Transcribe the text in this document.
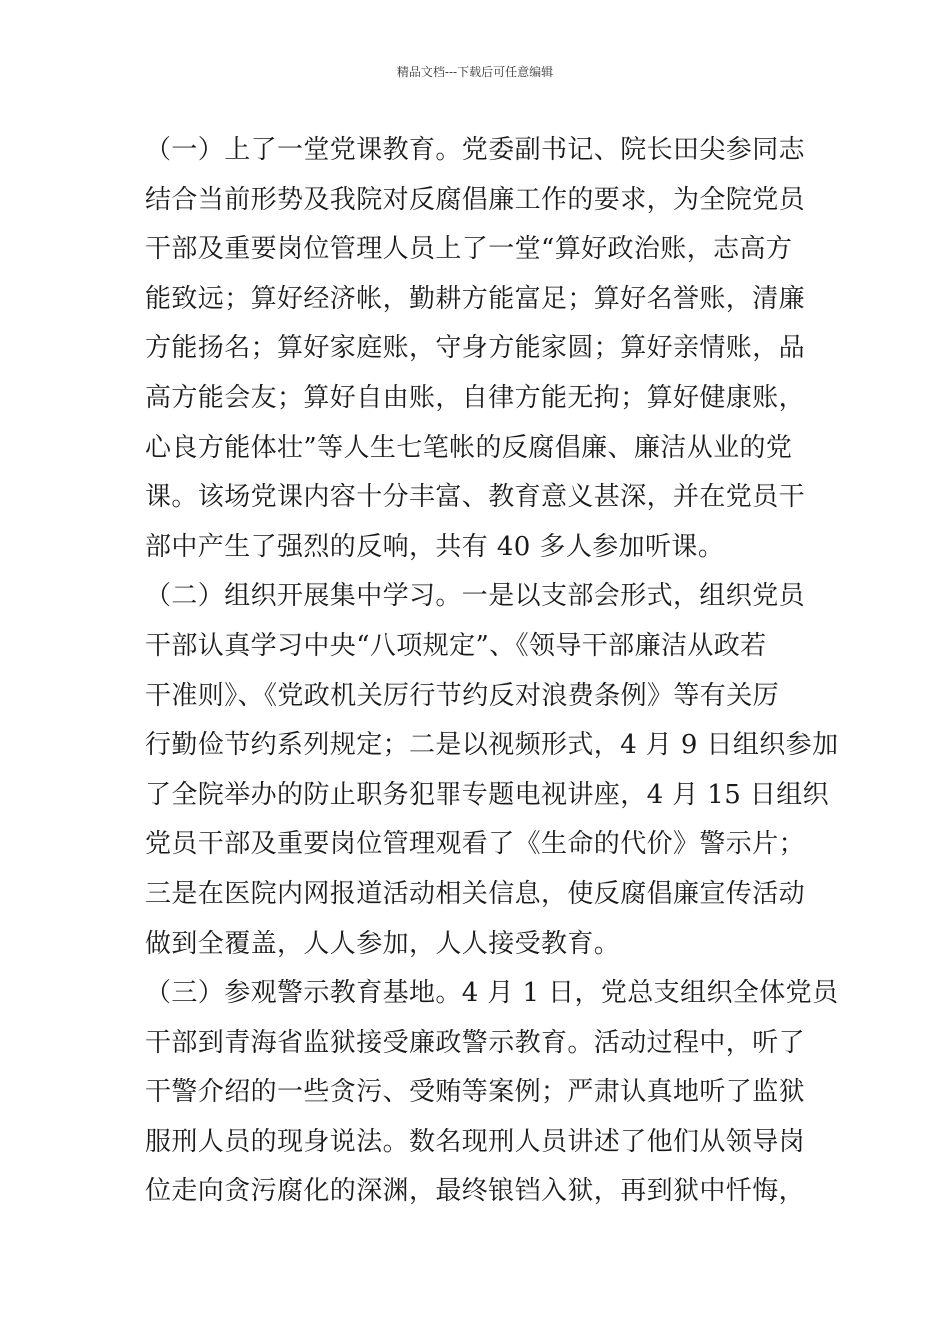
精品文档---下载后可任意编辑
（一）上了一堂党课教育。党委副书记、院长田尖参同志
结合当前形势及我院对反腐倡廉工作的要求，为全院党员
干部及重要岗位管理人员上了一堂“算好政治账，志高方
能致远；算好经济帐，勤耕方能富足；算好名誉账，清廉
方能扬名；算好家庭账，守身方能家圆；算好亲情账，品
高方能会友；算好自由账，自律方能无拘；算好健康账，
心良方能体壮”等人生七笔帐的反腐倡廉、廉洁从业的党
课。该场党课内容十分丰富、教育意义甚深，并在党员干
部中产生了强烈的反响，共有 40 多人参加听课。
（二）组织开展集中学习。一是以支部会形式，组织党员
干部认真学习中央“八项规定”、《领导干部廉洁从政若
干准则》、《党政机关厉行节约反对浪费条例》等有关厉
行勤俭节约系列规定；二是以视频形式，4 月 9 日组织参加
了全院举办的防止职务犯罪专题电视讲座，4 月 15 日组织
党员干部及重要岗位管理观看了《生命的代价》警示片；
三是在医院内网报道活动相关信息，使反腐倡廉宣传活动
做到全覆盖，人人参加，人人接受教育。
（三）参观警示教育基地。4 月 1 日，党总支组织全体党员
干部到青海省监狱接受廉政警示教育。活动过程中，听了
干警介绍的一些贪污、受贿等案例；严肃认真地听了监狱
服刑人员的现身说法。数名现刑人员讲述了他们从领导岗
位走向贪污腐化的深渊，最终锒铛入狱，再到狱中忏悔，
